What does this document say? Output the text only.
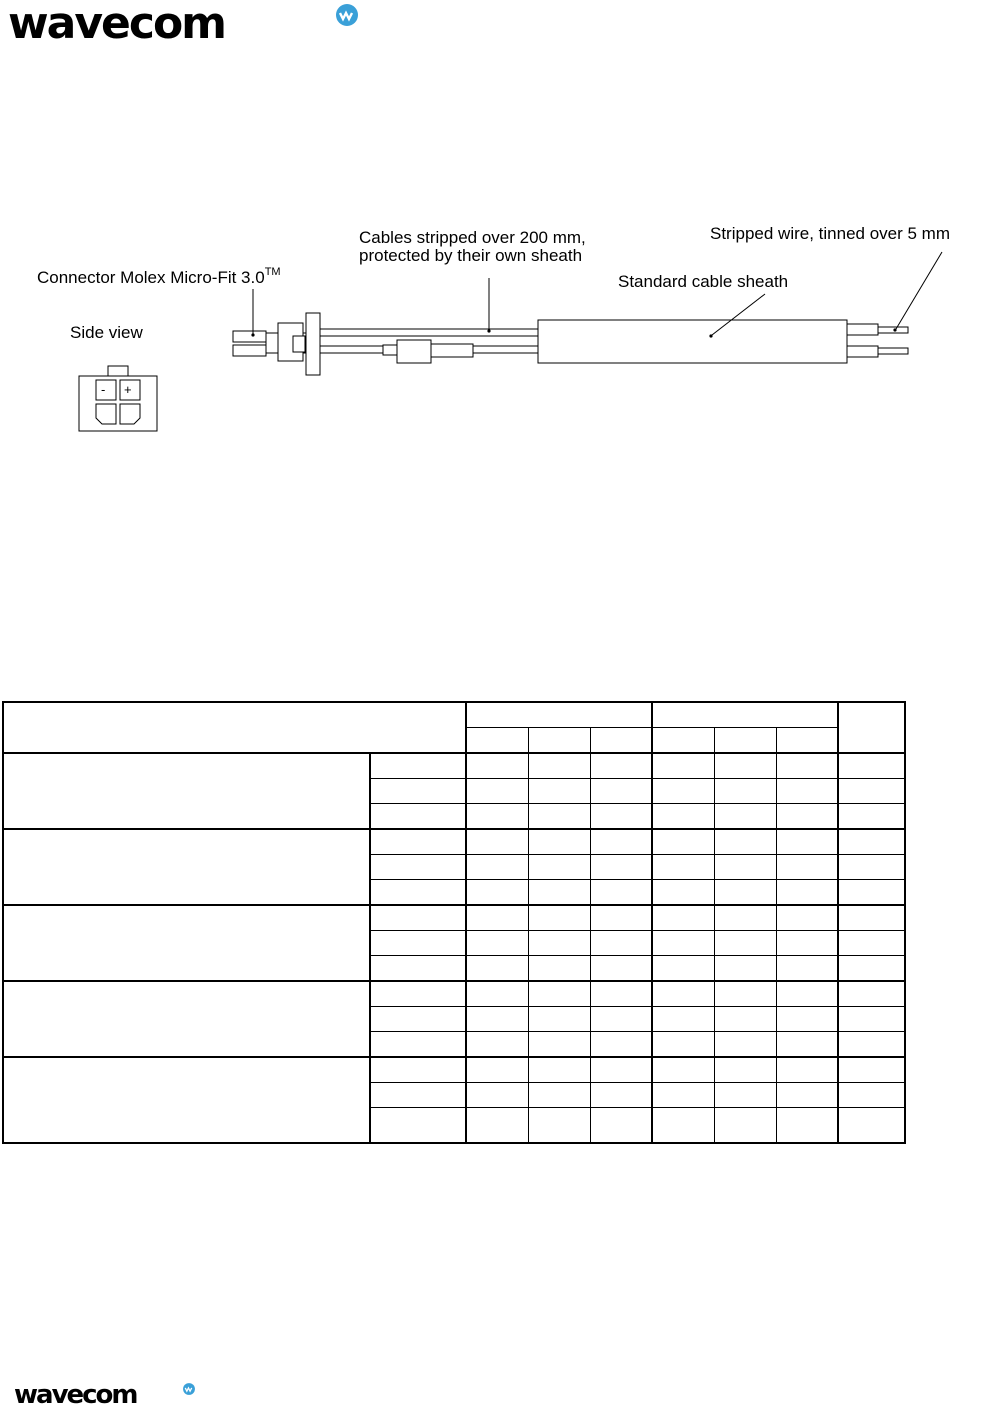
wavecom
Connector Molex Micro-Fit 3.0™
Side view
- +
Cables stripped over 200 mm,
protected by their own sheath
Standard cable sheath
Stripped wire, tinned over 5 mm

wavecom
